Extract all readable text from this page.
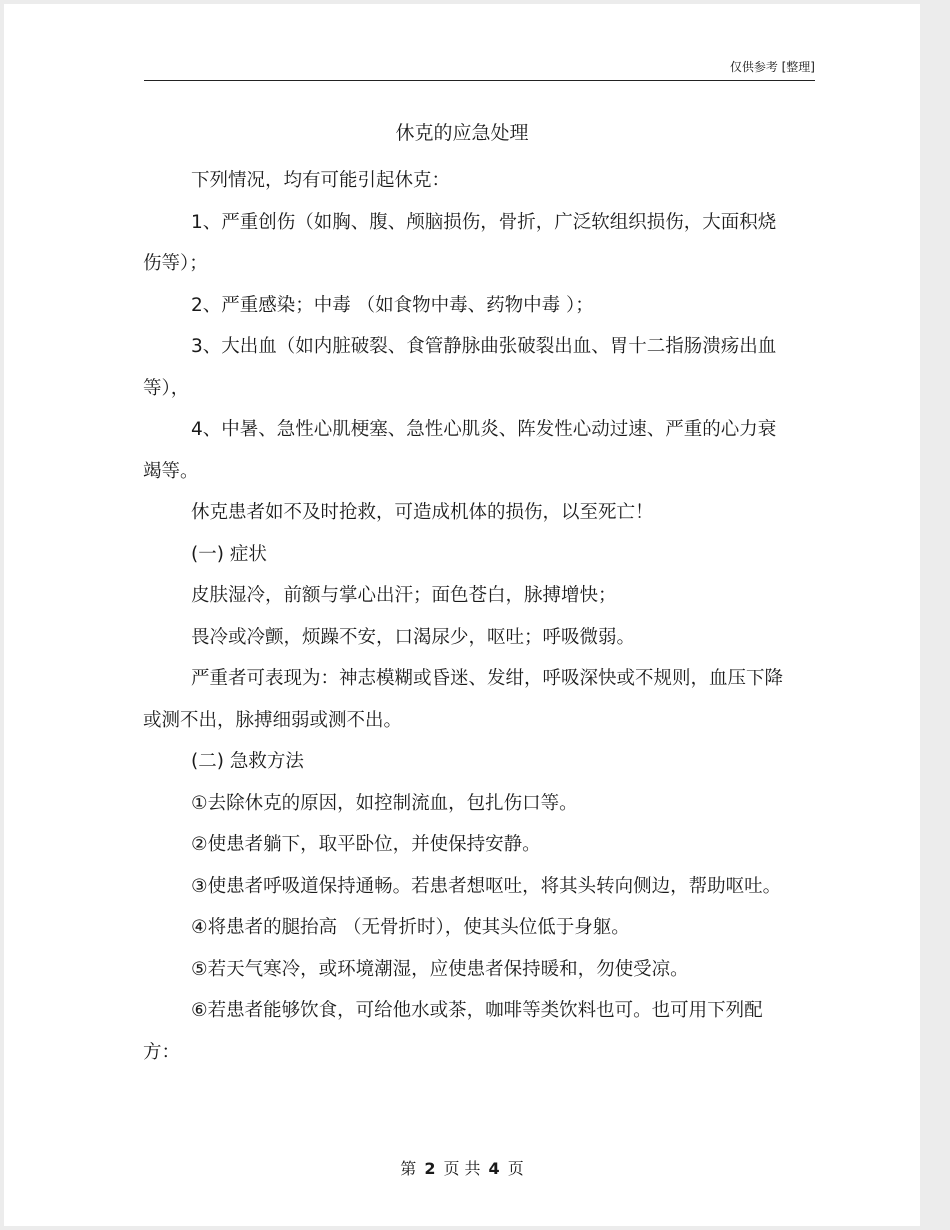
仅供参考 [整理]
休克的应急处理

下列情况，均有可能引起休克：

1、严重创伤（如胸、腹、颅脑损伤，骨折，广泛软组织损伤，大面积烧伤等）；

2、严重感染；中毒 （如食物中毒、药物中毒 ）；

3、大出血（如内脏破裂、食管静脉曲张破裂出血、胃十二指肠溃疡出血等），

4、中暑、急性心肌梗塞、急性心肌炎、阵发性心动过速、严重的心力衰竭等。

休克患者如不及时抢救，可造成机体的损伤，以至死亡！

(一) 症状

皮肤湿冷，前额与掌心出汗；面色苍白，脉搏增快；

畏冷或冷颤，烦躁不安，口渴尿少，呕吐；呼吸微弱。

严重者可表现为：神志模糊或昏迷、发绀，呼吸深快或不规则，血压下降或测不出，脉搏细弱或测不出。

(二) 急救方法

①去除休克的原因，如控制流血，包扎伤口等。

②使患者躺下，取平卧位，并使保持安静。

③使患者呼吸道保持通畅。若患者想呕吐，将其头转向侧边，帮助呕吐。

④将患者的腿抬高 （无骨折时），使其头位低于身躯。

⑤若天气寒冷，或环境潮湿，应使患者保持暖和，勿使受凉。

⑥若患者能够饮食，可给他水或茶，咖啡等类饮料也可。也可用下列配方：

第 2 页 共 4 页
